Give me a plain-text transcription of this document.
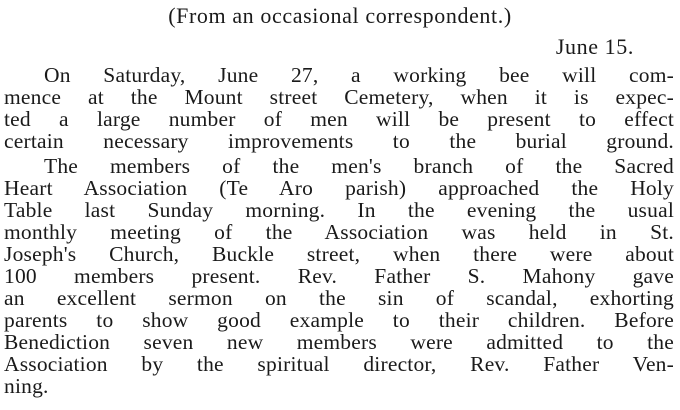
(From an occasional correspondent.)
June 15.
On Saturday, June 27, a working bee will com-
mence at the Mount street Cemetery, when it is expec-
ted a large number of men will be present to effect
certain necessary improvements to the burial ground.
The members of the men's branch of the Sacred
Heart Association (Te Aro parish) approached the Holy
Table last Sunday morning. In the evening the usual
monthly meeting of the Association was held in St.
Joseph's Church, Buckle street, when there were about
100 members present. Rev. Father S. Mahony gave
an excellent sermon on the sin of scandal, exhorting
parents to show good example to their children. Before
Benediction seven new members were admitted to the
Association by the spiritual director, Rev. Father Ven-
ning.
